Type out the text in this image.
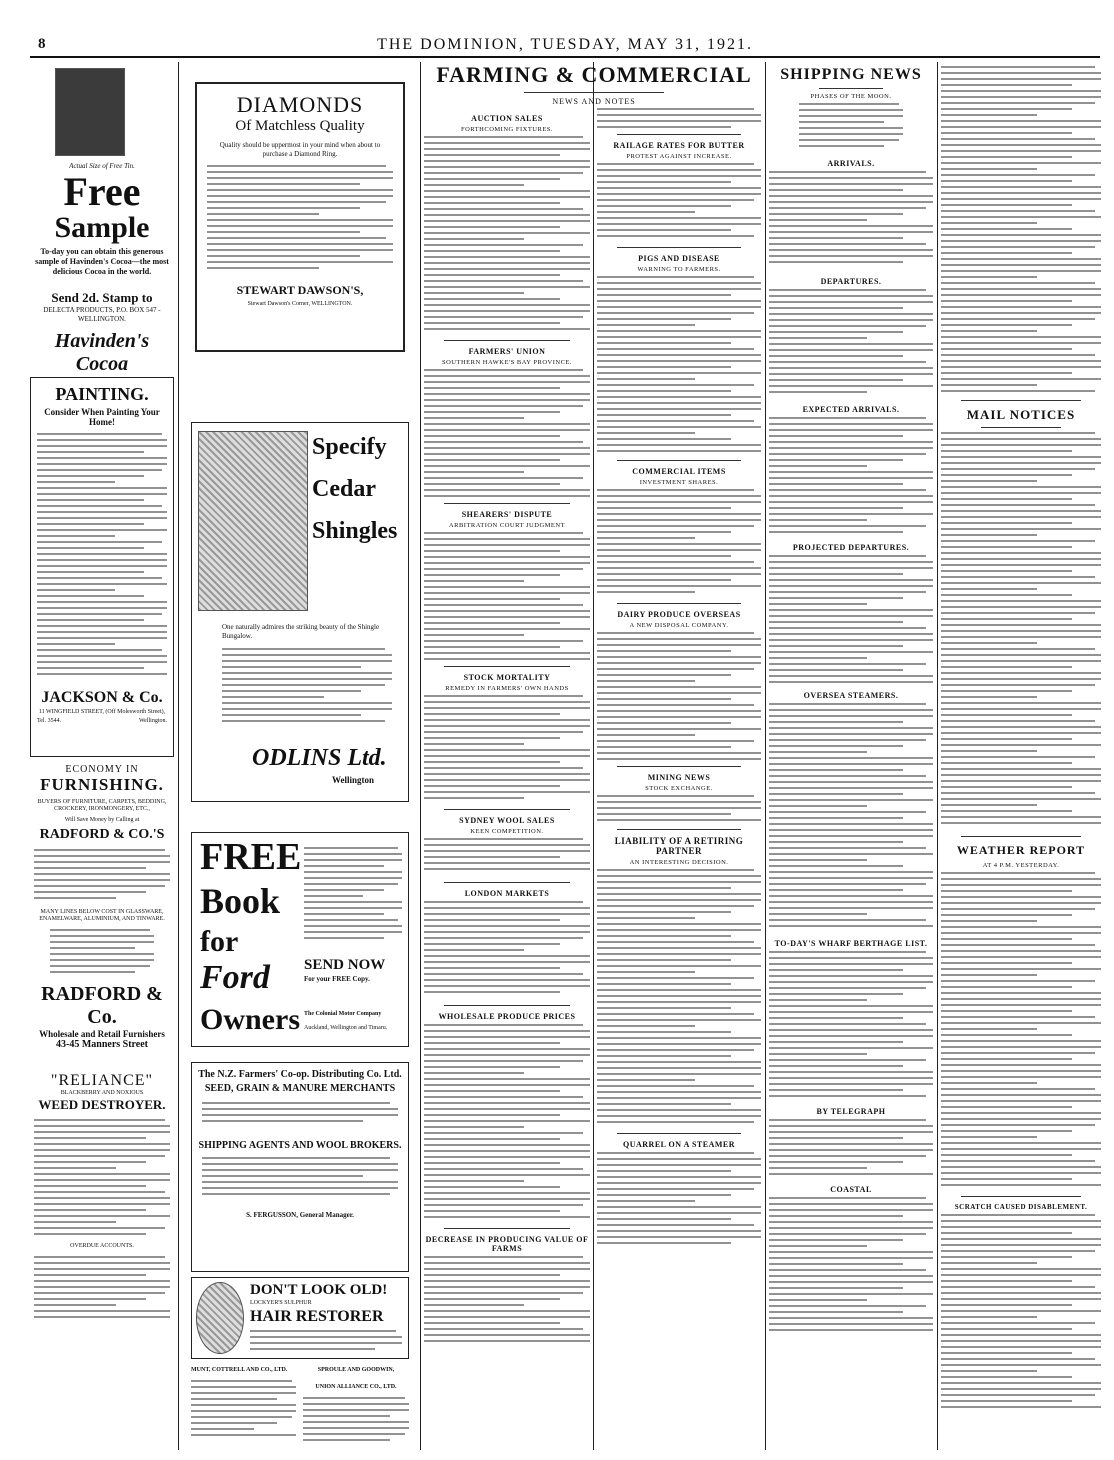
8	THE DOMINION, TUESDAY, MAY 31, 1921.
Actual Size of Free Tin.
Free
Sample
To-day you can obtain this generous sample of Havinden's Cocoa—the most delicious Cocoa in the world.
Send 2d. Stamp to
DELECTA PRODUCTS, P.O. BOX 547 - WELLINGTON.
Havinden's Cocoa
PAINTING.
Consider When Painting Your Home!
JACKSON & Co.
11 WINGFIELD STREET, (Off Molesworth Street),
Tel. 3544.	Wellington.
ECONOMY IN
FURNISHING.
BUYERS OF FURNITURE, CARPETS, BEDDING, CROCKERY, IRONMONGERY, ETC.,
Will Save Money by Calling at
RADFORD & CO.'S
MANY LINES BELOW COST IN GLASSWARE, ENAMELWARE, ALUMINIUM, AND TINWARE.
RADFORD & Co.
Wholesale and Retail Furnishers
43-45 Manners Street
"RELIANCE"
BLACKBERRY AND NOXIOUS
WEED DESTROYER.
OVERDUE ACCOUNTS.
DIAMONDS
Of Matchless Quality
Quality should be uppermost in your mind when about to purchase a Diamond Ring.
STEWART DAWSON'S,
Stewart Dawson's Corner, WELLINGTON.
Specify
Cedar
Shingles
One naturally admires the striking beauty of the Shingle Bungalow.
ODLINS Ltd.
Wellington
FREE
Book
for
Ford
Owners
SEND NOW
For your FREE Copy.
The Colonial Motor Company
Auckland, Wellington and Timaru.
The N.Z. Farmers' Co-op. Distributing Co. Ltd.
SEED, GRAIN & MANURE MERCHANTS
SHIPPING AGENTS AND WOOL BROKERS.
S. FERGUSSON, General Manager.
DON'T LOOK OLD!
LOCKYER'S SULPHUR
HAIR RESTORER
MUNT, COTTRELL AND CO., LTD.	SPROULE AND GOODWIN,
UNION ALLIANCE CO., LTD.
FARMING & COMMERCIAL
NEWS AND NOTES
AUCTION SALES
FORTHCOMING FIXTURES.
FARMERS' UNION
SOUTHERN HAWKE'S BAY PROVINCE.
SHEARERS' DISPUTE
ARBITRATION COURT JUDGMENT
STOCK MORTALITY
REMEDY IN FARMERS' OWN HANDS
SYDNEY WOOL SALES
KEEN COMPETITION.
LONDON MARKETS
WHOLESALE PRODUCE PRICES
DECREASE IN PRODUCING VALUE OF FARMS
RAILAGE RATES FOR BUTTER
PROTEST AGAINST INCREASE.
PIGS AND DISEASE
WARNING TO FARMERS.
COMMERCIAL ITEMS
INVESTMENT SHARES.
DAIRY PRODUCE OVERSEAS
A NEW DISPOSAL COMPANY.
MINING NEWS
STOCK EXCHANGE.
LIABILITY OF A RETIRING PARTNER
AN INTERESTING DECISION.
QUARREL ON A STEAMER
SHIPPING NEWS
PHASES OF THE MOON.
ARRIVALS.
DEPARTURES.
EXPECTED ARRIVALS.
PROJECTED DEPARTURES.
OVERSEA STEAMERS.
TO-DAY'S WHARF BERTHAGE LIST.
BY TELEGRAPH
COASTAL
MAIL NOTICES
WEATHER REPORT
AT 4 P.M. YESTERDAY.
SCRATCH CAUSED DISABLEMENT.
